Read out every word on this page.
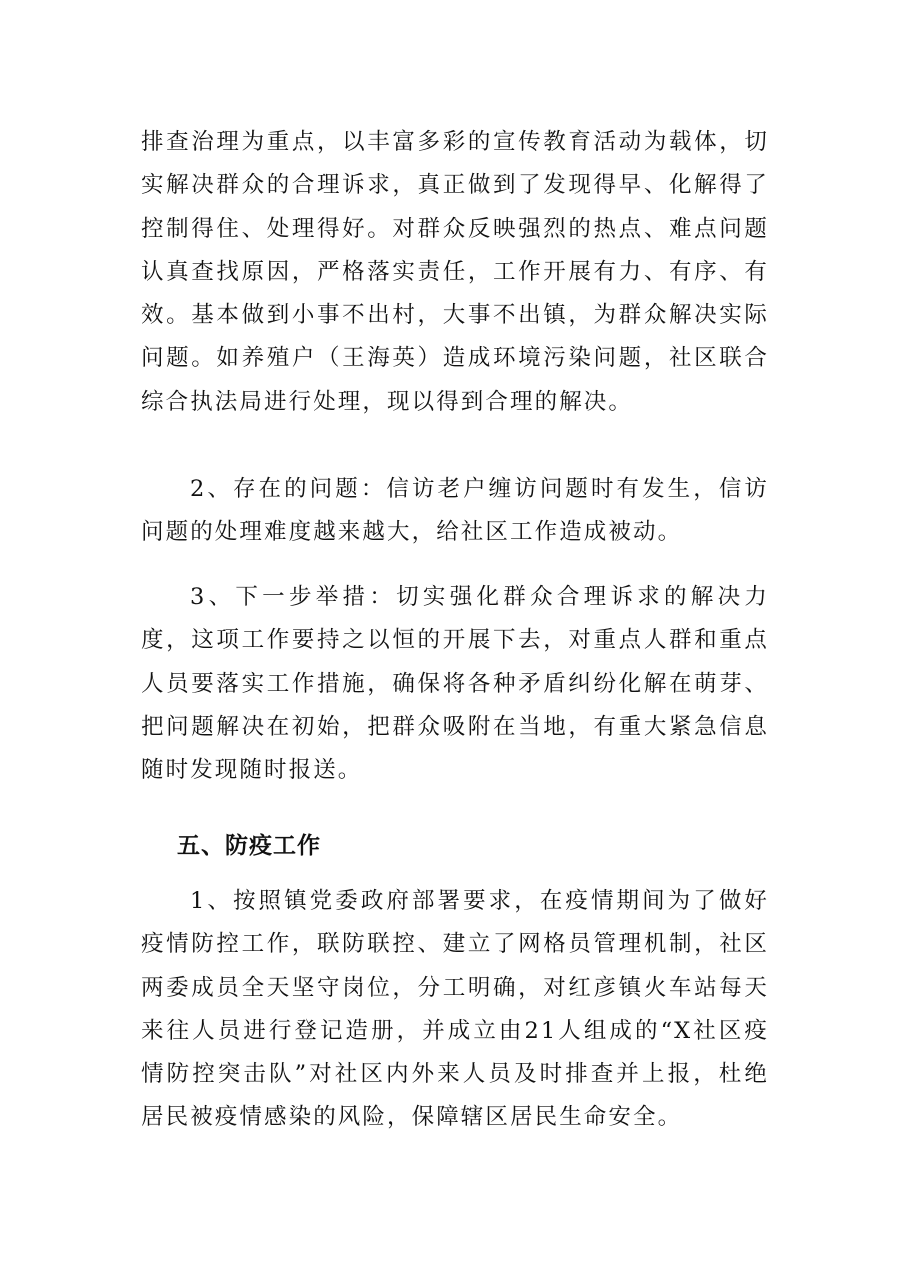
排查治理为重点，以丰富多彩的宣传教育活动为载体，切实解决群众的合理诉求，真正做到了发现得早、化解得了控制得住、处理得好。对群众反映强烈的热点、难点问题认真查找原因，严格落实责任，工作开展有力、有序、有效。基本做到小事不出村，大事不出镇，为群众解决实际问题。如养殖户（王海英）造成环境污染问题，社区联合综合执法局进行处理，现以得到合理的解决。

2、存在的问题：信访老户缠访问题时有发生，信访问题的处理难度越来越大，给社区工作造成被动。

3、下一步举措：切实强化群众合理诉求的解决力度，这项工作要持之以恒的开展下去，对重点人群和重点人员要落实工作措施，确保将各种矛盾纠纷化解在萌芽、把问题解决在初始，把群众吸附在当地，有重大紧急信息随时发现随时报送。

五、防疫工作

1、按照镇党委政府部署要求，在疫情期间为了做好疫情防控工作，联防联控、建立了网格员管理机制，社区两委成员全天坚守岗位，分工明确，对红彦镇火车站每天来往人员进行登记造册，并成立由21人组成的“X社区疫情防控突击队”对社区内外来人员及时排查并上报，杜绝居民被疫情感染的风险，保障辖区居民生命安全。
